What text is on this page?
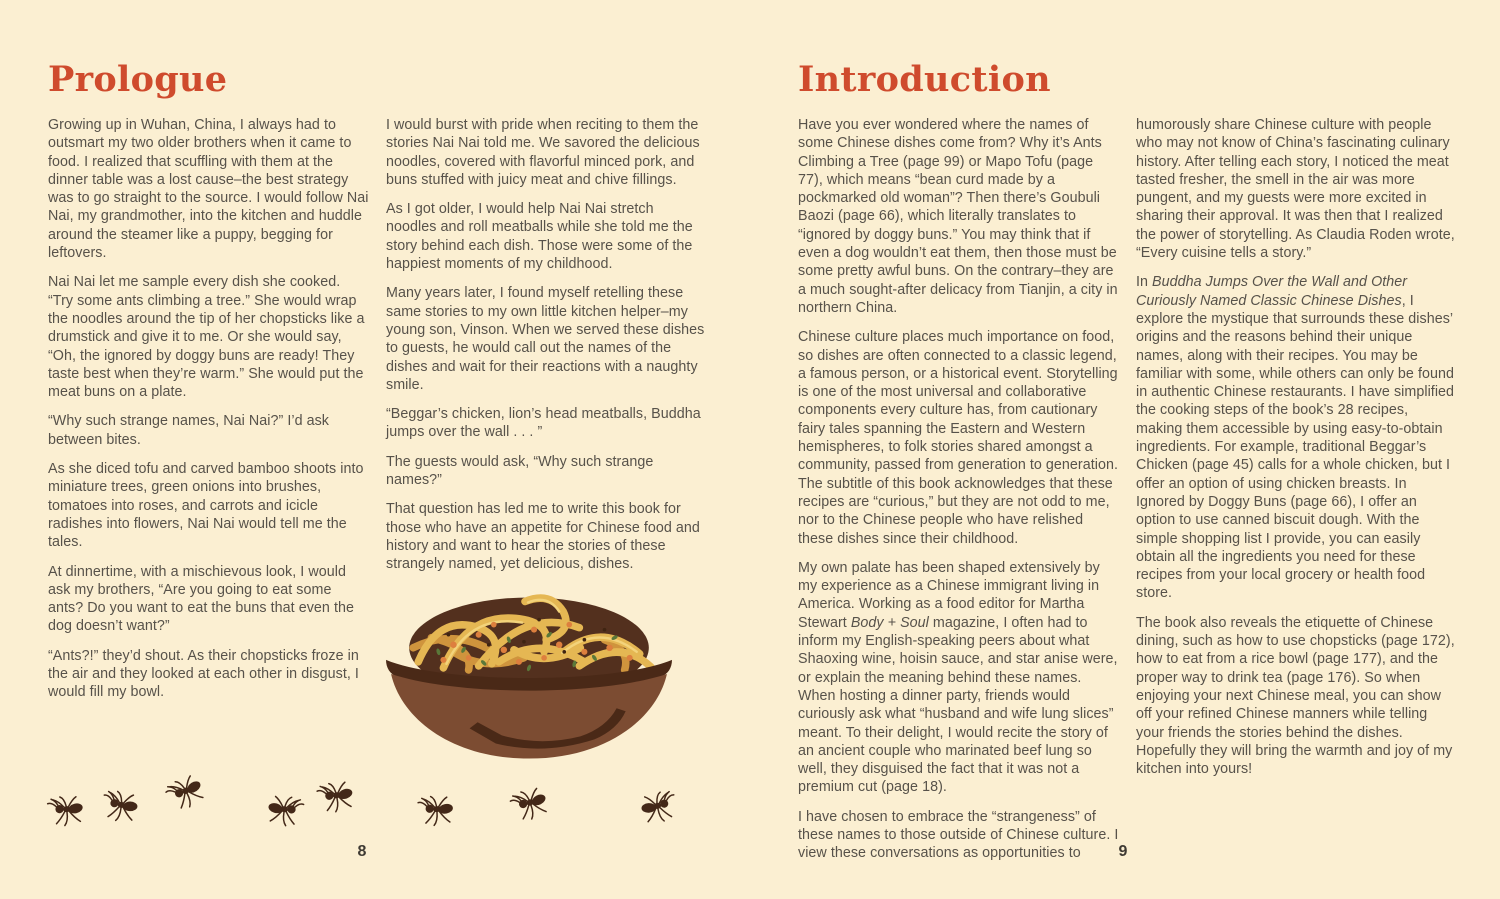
Prologue

Growing up in Wuhan, China, I always had to outsmart my two older brothers when it came to food. I realized that scuffling with them at the dinner table was a lost cause–the best strategy was to go straight to the source. I would follow Nai Nai, my grandmother, into the kitchen and huddle around the steamer like a puppy, begging for leftovers.

Nai Nai let me sample every dish she cooked. “Try some ants climbing a tree.” She would wrap the noodles around the tip of her chopsticks like a drumstick and give it to me. Or she would say, “Oh, the ignored by doggy buns are ready! They taste best when they’re warm.” She would put the meat buns on a plate.

“Why such strange names, Nai Nai?” I’d ask between bites.

As she diced tofu and carved bamboo shoots into miniature trees, green onions into brushes, tomatoes into roses, and carrots and icicle radishes into flowers, Nai Nai would tell me the tales.

At dinnertime, with a mischievous look, I would ask my brothers, “Are you going to eat some ants? Do you want to eat the buns that even the dog doesn’t want?”

“Ants?!” they’d shout. As their chopsticks froze in the air and they looked at each other in disgust, I would fill my bowl.

I would burst with pride when reciting to them the stories Nai Nai told me. We savored the delicious noodles, covered with flavorful minced pork, and buns stuffed with juicy meat and chive fillings.

As I got older, I would help Nai Nai stretch noodles and roll meatballs while she told me the story behind each dish. Those were some of the happiest moments of my childhood.

Many years later, I found myself retelling these same stories to my own little kitchen helper–my young son, Vinson. When we served these dishes to guests, he would call out the names of the dishes and wait for their reactions with a naughty smile.

“Beggar’s chicken, lion’s head meatballs, Buddha jumps over the wall . . . ”

The guests would ask, “Why such strange names?”

That question has led me to write this book for those who have an appetite for Chinese food and history and want to hear the stories of these strangely named, yet delicious, dishes.

8
Introduction

Have you ever wondered where the names of some Chinese dishes come from? Why it’s Ants Climbing a Tree (page 99) or Mapo Tofu (page 77), which means “bean curd made by a pockmarked old woman”? Then there’s Goubuli Baozi (page 66), which literally translates to “ignored by doggy buns.” You may think that if even a dog wouldn’t eat them, then those must be some pretty awful buns. On the contrary–they are a much sought-after delicacy from Tianjin, a city in northern China.

Chinese culture places much importance on food, so dishes are often connected to a classic legend, a famous person, or a historical event. Storytelling is one of the most universal and collaborative components every culture has, from cautionary fairy tales spanning the Eastern and Western hemispheres, to folk stories shared amongst a community, passed from generation to generation. The subtitle of this book acknowledges that these recipes are “curious,” but they are not odd to me, nor to the Chinese people who have relished these dishes since their childhood.

My own palate has been shaped extensively by my experience as a Chinese immigrant living in America. Working as a food editor for Martha Stewart Body + Soul magazine, I often had to inform my English-speaking peers about what Shaoxing wine, hoisin sauce, and star anise were, or explain the meaning behind these names. When hosting a dinner party, friends would curiously ask what “husband and wife lung slices” meant. To their delight, I would recite the story of an ancient couple who marinated beef lung so well, they disguised the fact that it was not a premium cut (page 18).

I have chosen to embrace the “strangeness” of these names to those outside of Chinese culture. I view these conversations as opportunities to

humorously share Chinese culture with people who may not know of China’s fascinating culinary history. After telling each story, I noticed the meat tasted fresher, the smell in the air was more pungent, and my guests were more excited in sharing their approval. It was then that I realized the power of storytelling. As Claudia Roden wrote, “Every cuisine tells a story.”

In Buddha Jumps Over the Wall and Other Curiously Named Classic Chinese Dishes, I explore the mystique that surrounds these dishes’ origins and the reasons behind their unique names, along with their recipes. You may be familiar with some, while others can only be found in authentic Chinese restaurants. I have simplified the cooking steps of the book’s 28 recipes, making them accessible by using easy-to-obtain ingredients. For example, traditional Beggar’s Chicken (page 45) calls for a whole chicken, but I offer an option of using chicken breasts. In Ignored by Doggy Buns (page 66), I offer an option to use canned biscuit dough. With the simple shopping list I provide, you can easily obtain all the ingredients you need for these recipes from your local grocery or health food store.

The book also reveals the etiquette of Chinese dining, such as how to use chopsticks (page 172), how to eat from a rice bowl (page 177), and the proper way to drink tea (page 176). So when enjoying your next Chinese meal, you can show off your refined Chinese manners while telling your friends the stories behind the dishes. Hopefully they will bring the warmth and joy of my kitchen into yours!

9
